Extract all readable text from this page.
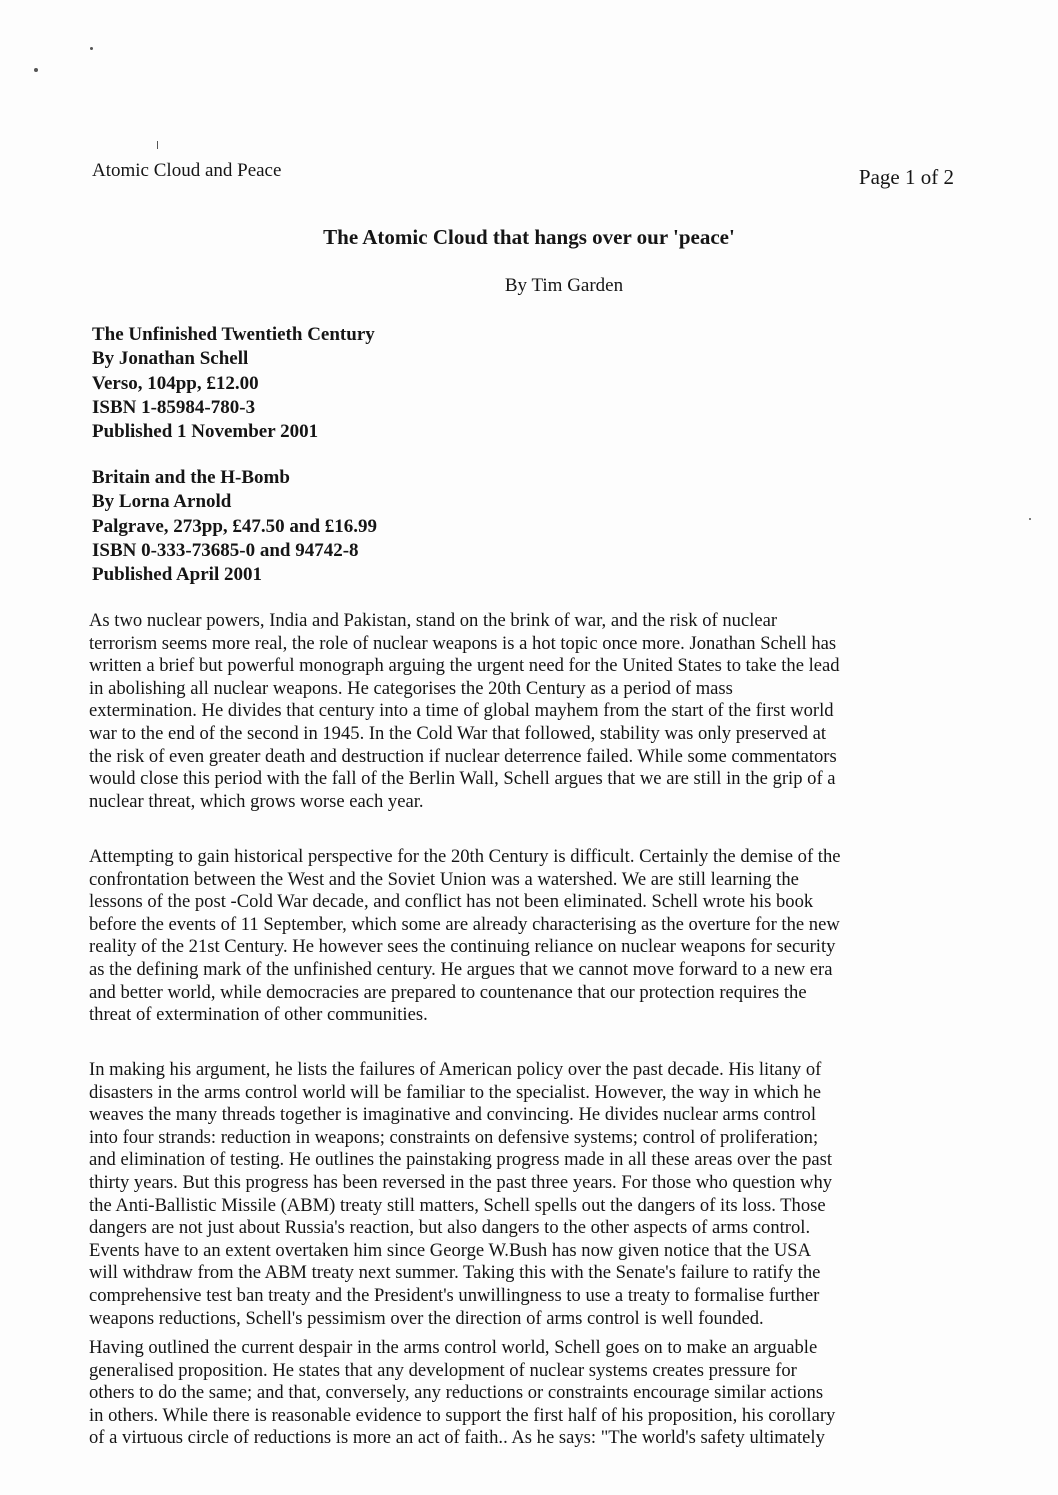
Atomic Cloud and Peace	Page 1 of 2
The Atomic Cloud that hangs over our 'peace'
By Tim Garden
The Unfinished Twentieth Century
By Jonathan Schell
Verso, 104pp, £12.00
ISBN 1-85984-780-3
Published 1 November 2001
Britain and the H-Bomb
By Lorna Arnold
Palgrave, 273pp, £47.50 and £16.99
ISBN 0-333-73685-0 and 94742-8
Published April 2001
As two nuclear powers, India and Pakistan, stand on the brink of war, and the risk of nuclear
terrorism seems more real, the role of nuclear weapons is a hot topic once more. Jonathan Schell has
written a brief but powerful monograph arguing the urgent need for the United States to take the lead
in abolishing all nuclear weapons. He categorises the 20th Century as a period of mass
extermination. He divides that century into a time of global mayhem from the start of the first world
war to the end of the second in 1945. In the Cold War that followed, stability was only preserved at
the risk of even greater death and destruction if nuclear deterrence failed. While some commentators
would close this period with the fall of the Berlin Wall, Schell argues that we are still in the grip of a
nuclear threat, which grows worse each year.
Attempting to gain historical perspective for the 20th Century is difficult. Certainly the demise of the
confrontation between the West and the Soviet Union was a watershed. We are still learning the
lessons of the post -Cold War decade, and conflict has not been eliminated. Schell wrote his book
before the events of 11 September, which some are already characterising as the overture for the new
reality of the 21st Century. He however sees the continuing reliance on nuclear weapons for security
as the defining mark of the unfinished century. He argues that we cannot move forward to a new era
and better world, while democracies are prepared to countenance that our protection requires the
threat of extermination of other communities.
In making his argument, he lists the failures of American policy over the past decade. His litany of
disasters in the arms control world will be familiar to the specialist. However, the way in which he
weaves the many threads together is imaginative and convincing. He divides nuclear arms control
into four strands: reduction in weapons; constraints on defensive systems; control of proliferation;
and elimination of testing. He outlines the painstaking progress made in all these areas over the past
thirty years. But this progress has been reversed in the past three years. For those who question why
the Anti-Ballistic Missile (ABM) treaty still matters, Schell spells out the dangers of its loss. Those
dangers are not just about Russia's reaction, but also dangers to the other aspects of arms control.
Events have to an extent overtaken him since George W.Bush has now given notice that the USA
will withdraw from the ABM treaty next summer. Taking this with the Senate's failure to ratify the
comprehensive test ban treaty and the President's unwillingness to use a treaty to formalise further
weapons reductions, Schell's pessimism over the direction of arms control is well founded.
Having outlined the current despair in the arms control world, Schell goes on to make an arguable
generalised proposition. He states that any development of nuclear systems creates pressure for
others to do the same; and that, conversely, any reductions or constraints encourage similar actions
in others. While there is reasonable evidence to support the first half of his proposition, his corollary
of a virtuous circle of reductions is more an act of faith.. As he says: "The world's safety ultimately
